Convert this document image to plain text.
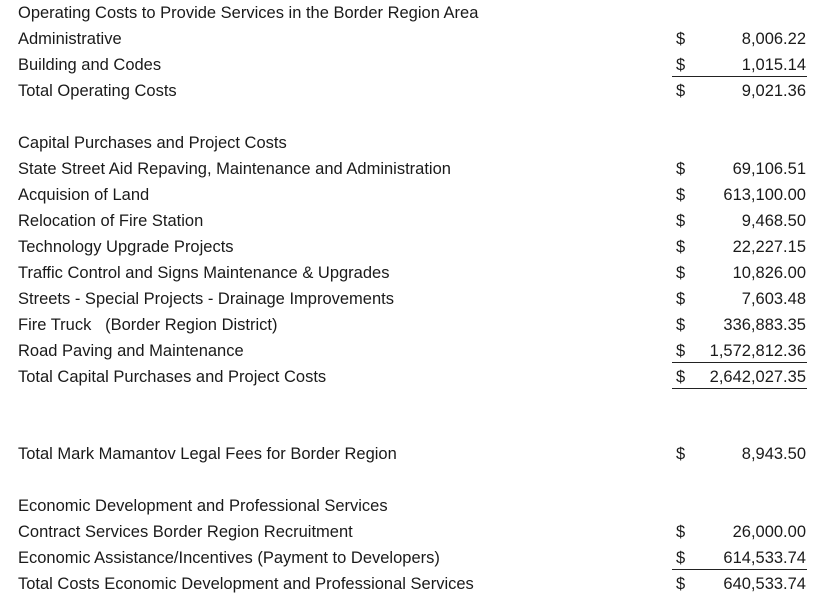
Operating Costs to Provide Services in the Border Region Area
Administrative	$	8,006.22
Building and Codes	$	1,015.14
Total Operating Costs	$	9,021.36
Capital Purchases and Project Costs
State Street Aid Repaving, Maintenance and Administration	$	69,106.51
Acquision of Land	$ 613,100.00
Relocation of Fire Station	$	9,468.50
Technology Upgrade Projects	$	22,227.15
Traffic Control and Signs Maintenance & Upgrades	$	10,826.00
Streets - Special Projects - Drainage Improvements	$	7,603.48
Fire Truck   (Border Region District)	$ 336,883.35
Road Paving and Maintenance	$ 1,572,812.36
Total Capital Purchases and Project Costs	$ 2,642,027.35
Total Mark Mamantov Legal Fees for Border Region	$	8,943.50
Economic Development and Professional Services
Contract Services Border Region Recruitment	$	26,000.00
Economic Assistance/Incentives (Payment to Developers)	$ 614,533.74
Total Costs Economic Development and Professional Services	$ 640,533.74
